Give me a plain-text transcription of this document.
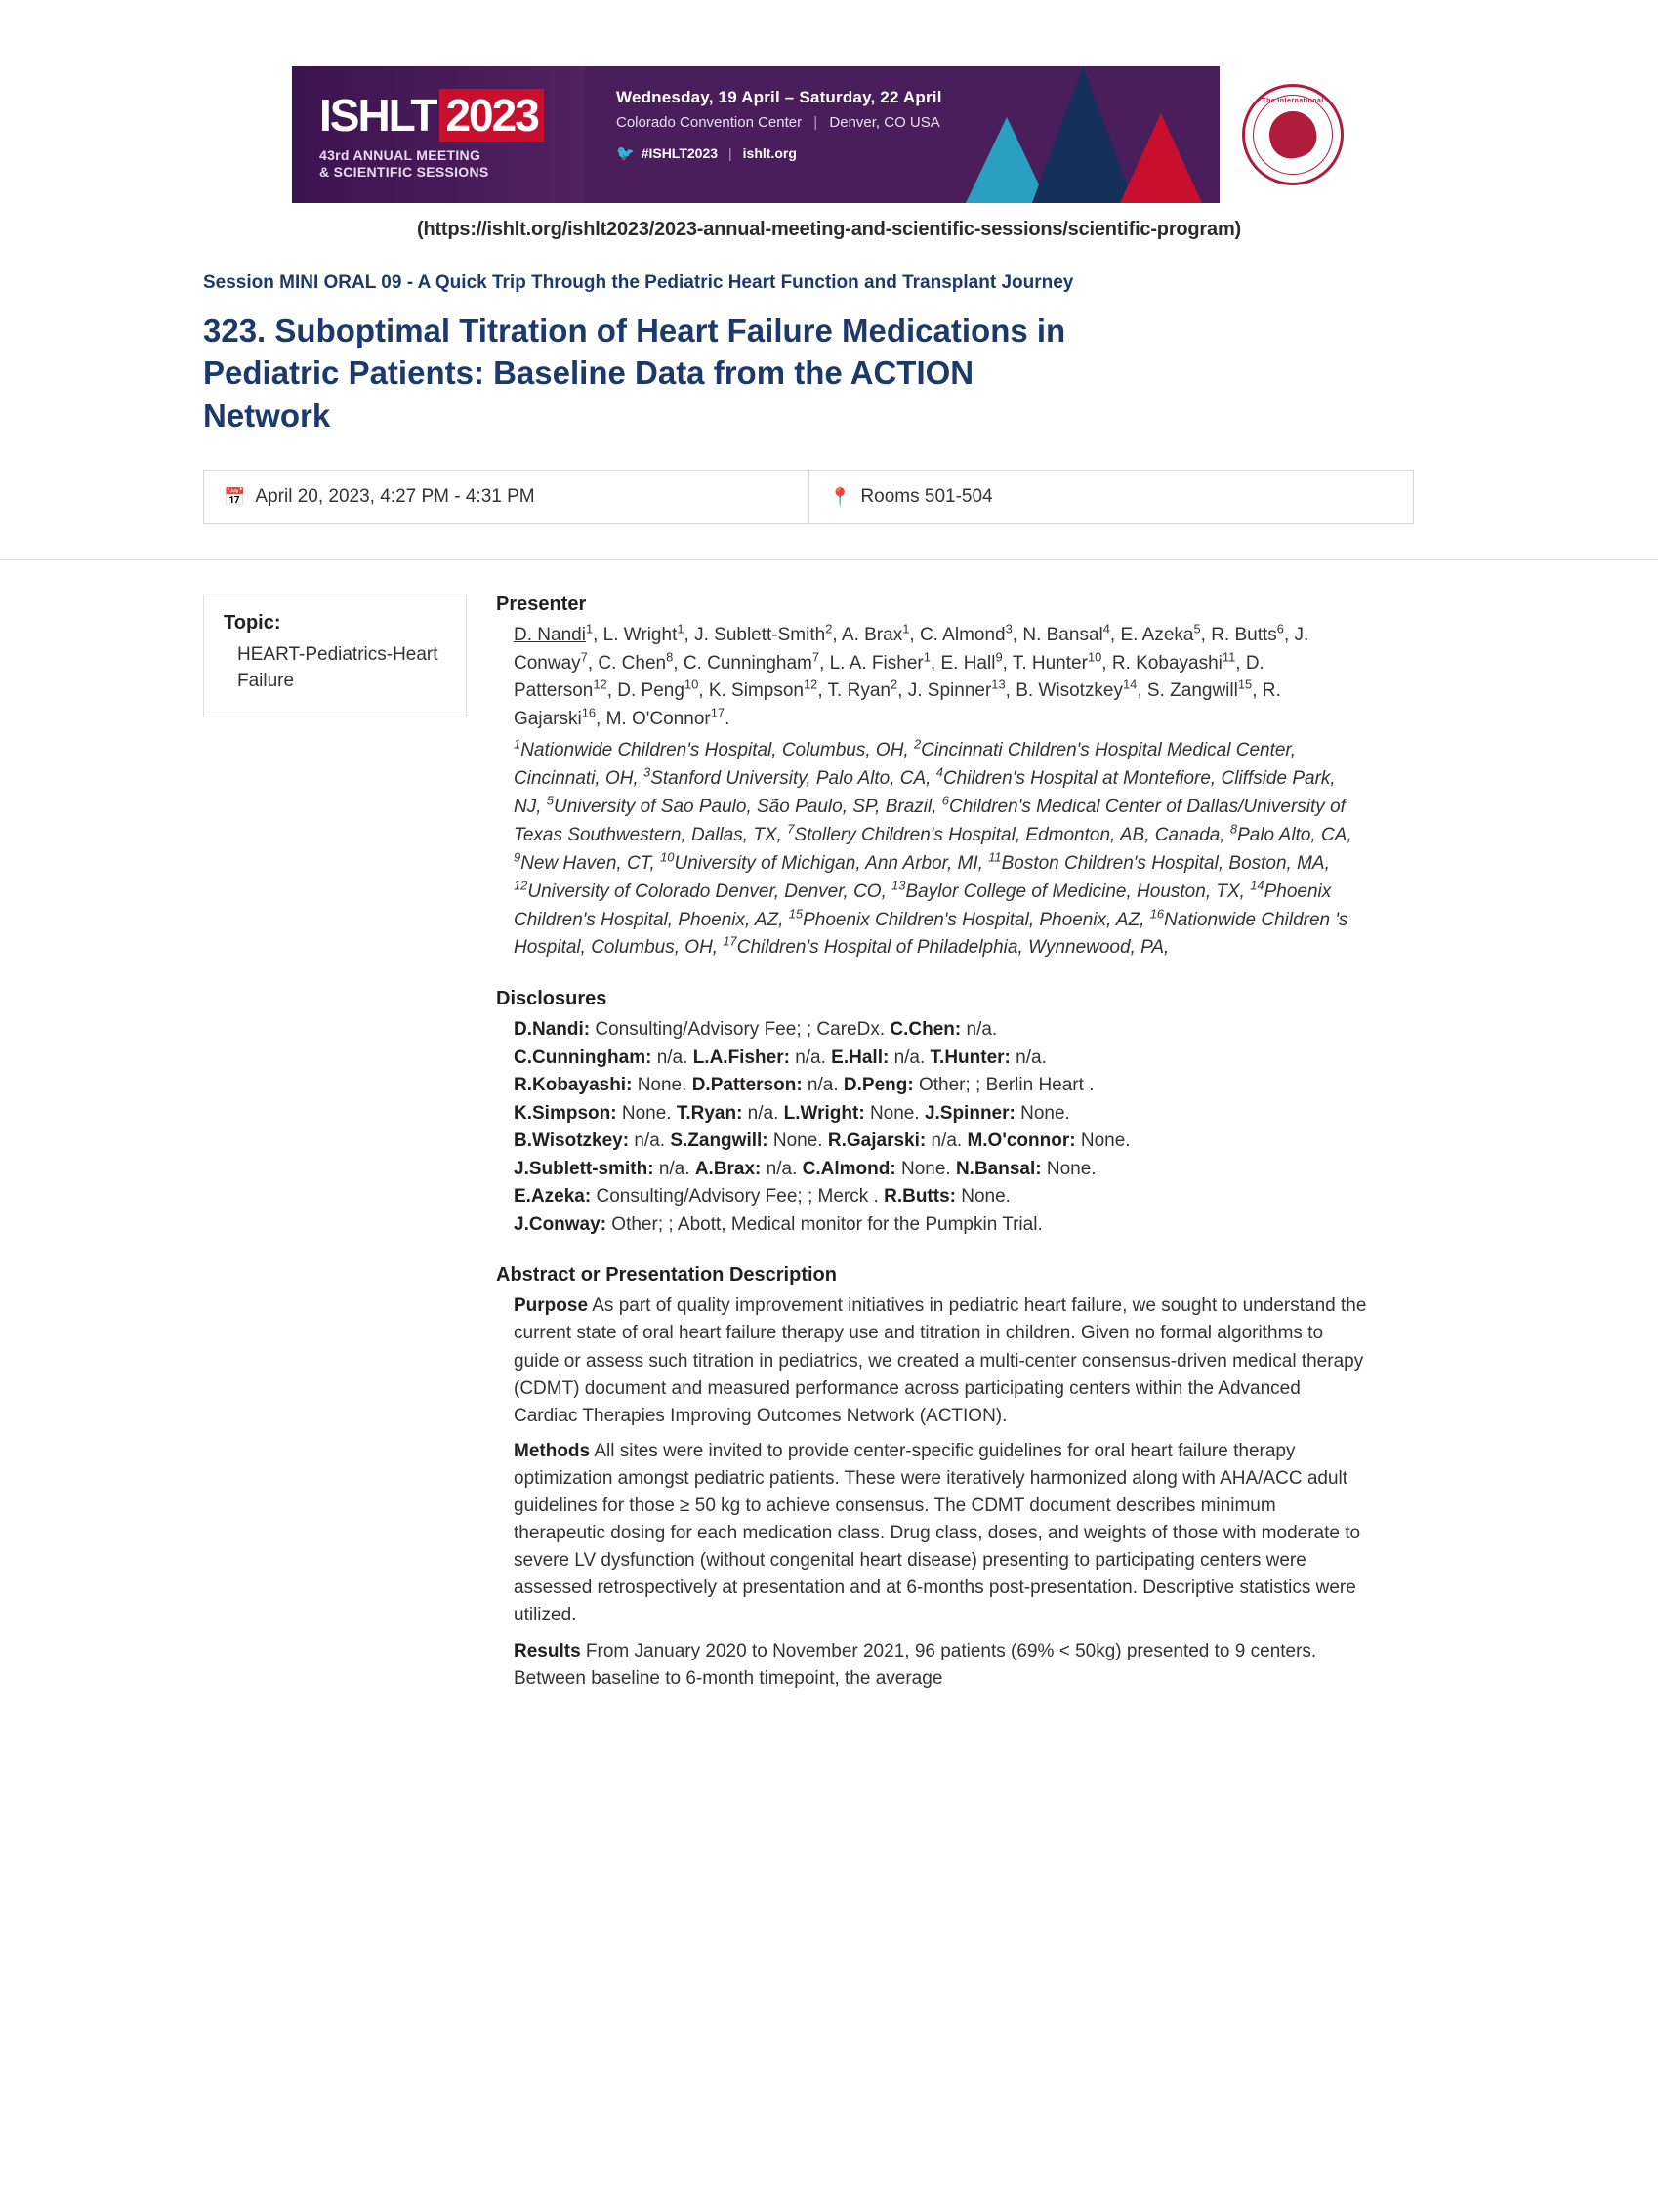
ISHLT 2023
43rd ANNUAL MEETING
& SCIENTIFIC SESSIONS
Wednesday, 19 April – Saturday, 22 April
Colorado Convention Center | Denver, CO USA
🐦 #ISHLT2023 | ishlt.org
The International
(https://ishlt.org/ishlt2023/2023-annual-meeting-and-scientific-sessions/scientific-program)
Session MINI ORAL 09 - A Quick Trip Through the Pediatric Heart Function and Transplant Journey
323. Suboptimal Titration of Heart Failure Medications in Pediatric Patients: Baseline Data from the ACTION Network
📅 April 20, 2023, 4:27 PM - 4:31 PM	📍 Rooms 501-504
Topic:
HEART-Pediatrics-Heart Failure
Presenter
D. Nandi$^1$, L. Wright$^1$, J. Sublett-Smith$^2$, A. Brax$^1$, C. Almond$^3$, N. Bansal$^4$, E. Azeka$^5$, R. Butts$^6$, J. Conway$^7$, C. Chen$^8$, C. Cunningham$^7$, L. A. Fisher$^1$, E. Hall$^9$, T. Hunter$^{10}$, R. Kobayashi$^{11}$, D. Patterson$^{12}$, D. Peng$^{10}$, K. Simpson$^{12}$, T. Ryan$^2$, J. Spinner$^{13}$, B. Wisotzkey$^{14}$, S. Zangwill$^{15}$, R. Gajarski$^{16}$, M. O'Connor$^{17}$.
$^1$Nationwide Children's Hospital, Columbus, OH, $^2$Cincinnati Children's Hospital Medical Center, Cincinnati, OH, $^3$Stanford University, Palo Alto, CA, $^4$Children's Hospital at Montefiore, Cliffside Park, NJ, $^5$University of Sao Paulo, São Paulo, SP, Brazil, $^6$Children's Medical Center of Dallas/University of Texas Southwestern, Dallas, TX, $^7$Stollery Children's Hospital, Edmonton, AB, Canada, $^8$Palo Alto, CA, $^9$New Haven, CT, $^{10}$University of Michigan, Ann Arbor, MI, $^{11}$Boston Children's Hospital, Boston, MA, $^{12}$University of Colorado Denver, Denver, CO, $^{13}$Baylor College of Medicine, Houston, TX, $^{14}$Phoenix Children's Hospital, Phoenix, AZ, $^{15}$Phoenix Children's Hospital, Phoenix, AZ, $^{16}$Nationwide Children 's Hospital, Columbus, OH, $^{17}$Children's Hospital of Philadelphia, Wynnewood, PA,
Disclosures
D.Nandi: Consulting/Advisory Fee; ; CareDx. C.Chen: n/a.
C.Cunningham: n/a. L.A.Fisher: n/a. E.Hall: n/a. T.Hunter: n/a.
R.Kobayashi: None. D.Patterson: n/a. D.Peng: Other; ; Berlin Heart .
K.Simpson: None. T.Ryan: n/a. L.Wright: None. J.Spinner: None.
B.Wisotzkey: n/a. S.Zangwill: None. R.Gajarski: n/a. M.O'connor: None.
J.Sublett-smith: n/a. A.Brax: n/a. C.Almond: None. N.Bansal: None.
E.Azeka: Consulting/Advisory Fee; ; Merck . R.Butts: None.
J.Conway: Other; ; Abott, Medical monitor for the Pumpkin Trial.
Abstract or Presentation Description
Purpose As part of quality improvement initiatives in pediatric heart failure, we sought to understand the current state of oral heart failure therapy use and titration in children. Given no formal algorithms to guide or assess such titration in pediatrics, we created a multi-center consensus-driven medical therapy (CDMT) document and measured performance across participating centers within the Advanced Cardiac Therapies Improving Outcomes Network (ACTION).
Methods All sites were invited to provide center-specific guidelines for oral heart failure therapy optimization amongst pediatric patients. These were iteratively harmonized along with AHA/ACC adult guidelines for those ≥ 50 kg to achieve consensus. The CDMT document describes minimum therapeutic dosing for each medication class. Drug class, doses, and weights of those with moderate to severe LV dysfunction (without congenital heart disease) presenting to participating centers were assessed retrospectively at presentation and at 6-months post-presentation. Descriptive statistics were utilized.
Results From January 2020 to November 2021, 96 patients (69% < 50kg) presented to 9 centers. Between baseline to 6-month timepoint, the average
